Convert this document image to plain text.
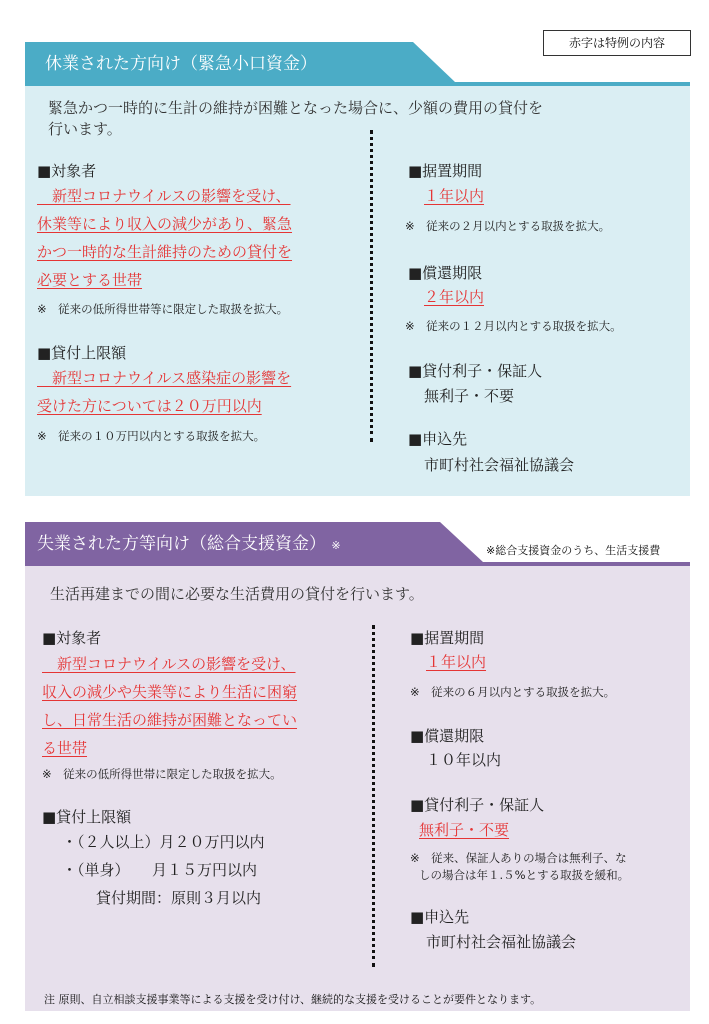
赤字は特例の内容
休業された方向け（緊急小口資金）
緊急かつ一時的に生計の維持が困難となった場合に、少額の費用の貸付を
行います。
■対象者
　新型コロナウイルスの影響を受け、
休業等により収入の減少があり、緊急
かつ一時的な生計維持のための貸付を
必要とする世帯
※　従来の低所得世帯等に限定した取扱を拡大。
■貸付上限額
　新型コロナウイルス感染症の影響を
受けた方については２０万円以内
※　従来の１０万円以内とする取扱を拡大。
■据置期間
１年以内
※　従来の２月以内とする取扱を拡大。
■償還期限
２年以内
※　従来の１２月以内とする取扱を拡大。
■貸付利子・保証人
無利子・不要
■申込先
市町村社会福祉協議会
失業された方等向け（総合支援資金） ※	※総合支援資金のうち、生活支援費
生活再建までの間に必要な生活費用の貸付を行います。
■対象者
　新型コロナウイルスの影響を受け、
収入の減少や失業等により生活に困窮
し、日常生活の維持が困難となってい
る世帯
※　従来の低所得世帯に限定した取扱を拡大。
■貸付上限額
・（２人以上）月２０万円以内
・（単身）　　月１５万円以内
貸付期間：原則３月以内
■据置期間
１年以内
※　従来の６月以内とする取扱を拡大。
■償還期限
１０年以内
■貸付利子・保証人
無利子・不要
※　従来、保証人ありの場合は無利子、な
しの場合は年１.５%とする取扱を緩和。
■申込先
市町村社会福祉協議会
注 原則、自立相談支援事業等による支援を受け付け、継続的な支援を受けることが要件となります。
